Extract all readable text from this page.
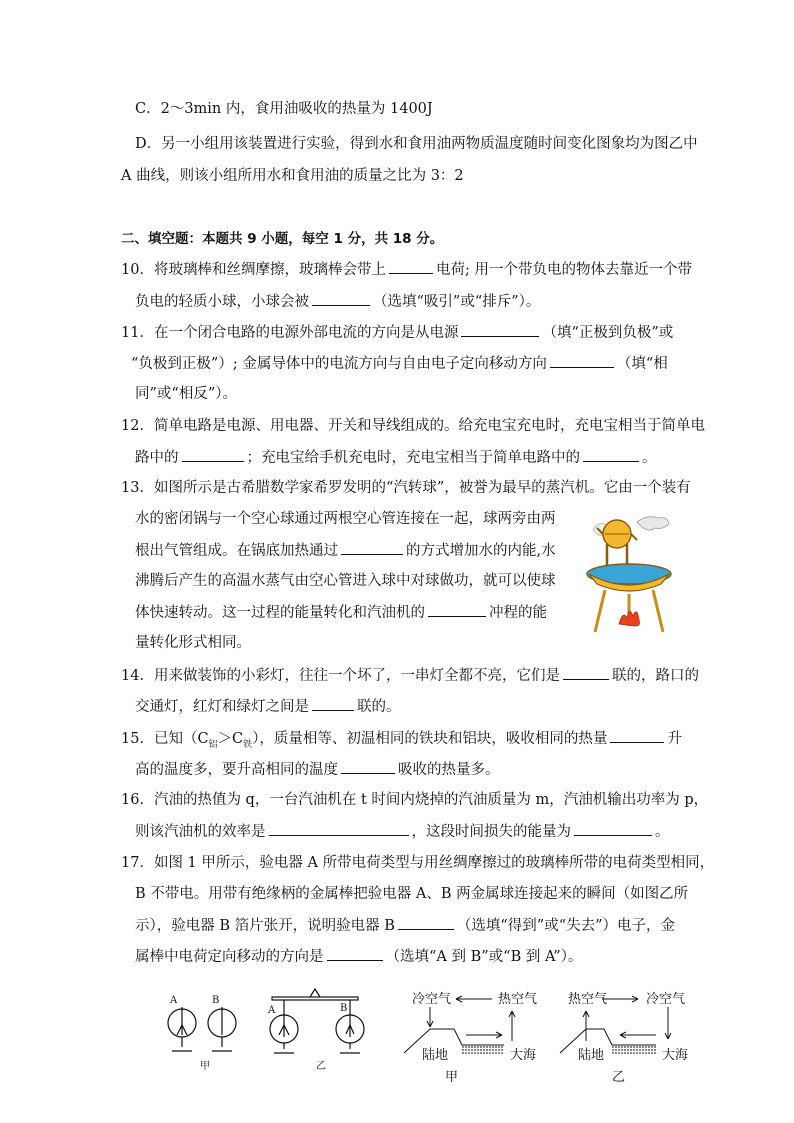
C．2～3min 内，食用油吸收的热量为 1400J
D．另一小组用该装置进行实验，得到水和食用油两物质温度随时间变化图象均为图乙中
A 曲线，则该小组所用水和食用油的质量之比为 3：2
二、填空题：本题共 9 小题，每空 1 分，共 18 分。
10．将玻璃棒和丝绸摩擦，玻璃棒会带上	电荷; 用一个带负电的物体去靠近一个带
负电的轻质小球，小球会被	（选填“吸引”或“排斥”）。
11．在一个闭合电路的电源外部电流的方向是从电源	（填“正极到负极”或
“负极到正极”）; 金属导体中的电流方向与自由电子定向移动方向	（填“相
同”或“相反”）。
12．简单电路是电源、用电器、开关和导线组成的。给充电宝充电时，充电宝相当于简单电
路中的	；充电宝给手机充电时，充电宝相当于简单电路中的	。
13．如图所示是古希腊数学家希罗发明的“汽转球”，被誉为最早的蒸汽机。它由一个装有
水的密闭锅与一个空心球通过两根空心管连接在一起，球两旁由两
根出气管组成。在锅底加热通过	的方式增加水的内能,水
沸腾后产生的高温水蒸气由空心管进入球中对球做功，就可以使球
体快速转动。这一过程的能量转化和汽油机的	冲程的能
量转化形式相同。
14．用来做装饰的小彩灯，往往一个坏了，一串灯全都不亮，它们是	联的，路口的
交通灯，红灯和绿灯之间是	联的。
15．已知$(C_铝>C_铁)$，质量相等、初温相同的铁块和铝块，吸收相同的热量	升
高的温度多，要升高相同的温度	吸收的热量多。
16．汽油的热值为 q，一台汽油机在 t 时间内烧掉的汽油质量为 m，汽油机输出功率为 p，
则该汽油机的效率是	，这段时间损失的能量为	。
17．如图 1 甲所示，验电器 A 所带电荷类型与用丝绸摩擦过的玻璃棒所带的电荷类型相同，
B 不带电。用带有绝缘柄的金属棒把验电器 A、B 两金属球连接起来的瞬间（如图乙所
示），验电器 B 箔片张开，说明验电器 B	（选填“得到”或“失去”）电子，金
属棒中电荷定向移动的方向是	（选填“A 到 B”或“B 到 A”）。
A	B
A	B
甲	乙
冷空气	热空气
陆地	大海
甲
热空气	冷空气
陆地	大海
乙
